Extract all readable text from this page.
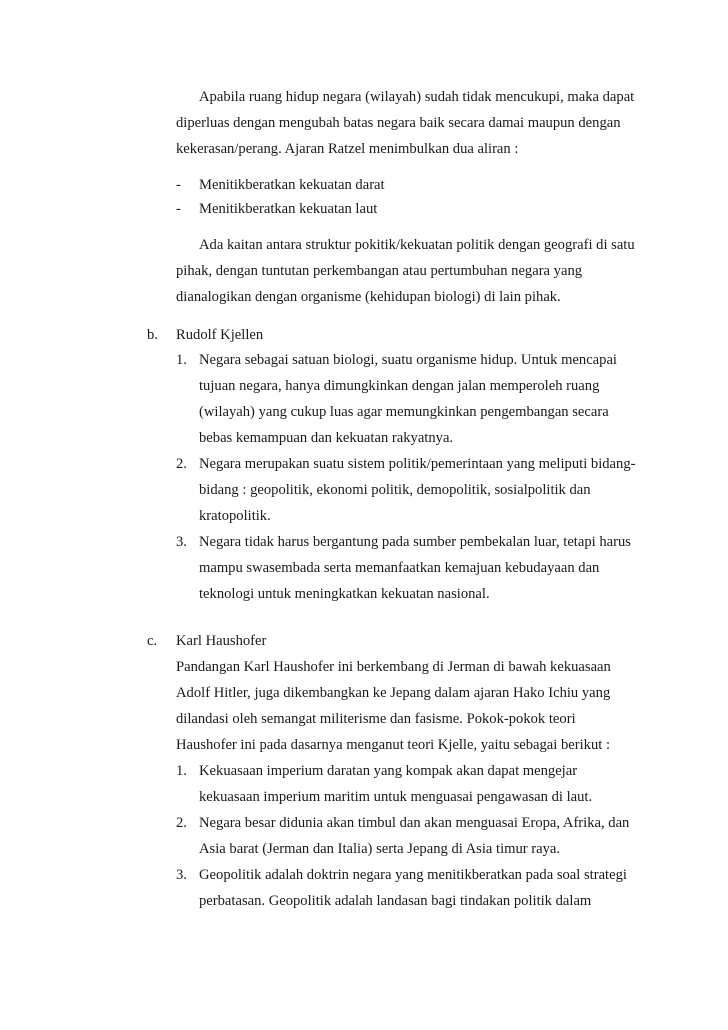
Apabila ruang hidup negara (wilayah) sudah tidak mencukupi, maka dapat
diperluas dengan mengubah batas negara baik secara damai maupun dengan
kekerasan/perang. Ajaran Ratzel menimbulkan dua aliran :
- Menitikberatkan kekuatan darat
- Menitikberatkan kekuatan laut
Ada kaitan antara struktur pokitik/kekuatan politik dengan geografi di satu
pihak, dengan tuntutan perkembangan atau pertumbuhan negara yang
dianalogikan dengan organisme (kehidupan biologi) di lain pihak.
b. Rudolf Kjellen
1. Negara sebagai satuan biologi, suatu organisme hidup. Untuk mencapai
tujuan negara, hanya dimungkinkan dengan jalan memperoleh ruang
(wilayah) yang cukup luas agar memungkinkan pengembangan secara
bebas kemampuan dan kekuatan rakyatnya.
2. Negara merupakan suatu sistem politik/pemerintaan yang meliputi bidang-
bidang : geopolitik, ekonomi politik, demopolitik, sosialpolitik dan
kratopolitik.
3. Negara tidak harus bergantung pada sumber pembekalan luar, tetapi harus
mampu swasembada serta memanfaatkan kemajuan kebudayaan dan
teknologi untuk meningkatkan kekuatan nasional.
c. Karl Haushofer
Pandangan Karl Haushofer ini berkembang di Jerman di bawah kekuasaan
Adolf Hitler, juga dikembangkan ke Jepang dalam ajaran Hako Ichiu yang
dilandasi oleh semangat militerisme dan fasisme. Pokok-pokok teori
Haushofer ini pada dasarnya menganut teori Kjelle, yaitu sebagai berikut :
1. Kekuasaan imperium daratan yang kompak akan dapat mengejar
kekuasaan imperium maritim untuk menguasai pengawasan di laut.
2. Negara besar didunia akan timbul dan akan menguasai Eropa, Afrika, dan
Asia barat (Jerman dan Italia) serta Jepang di Asia timur raya.
3. Geopolitik adalah doktrin negara yang menitikberatkan pada soal strategi
perbatasan. Geopolitik adalah landasan bagi tindakan politik dalam
